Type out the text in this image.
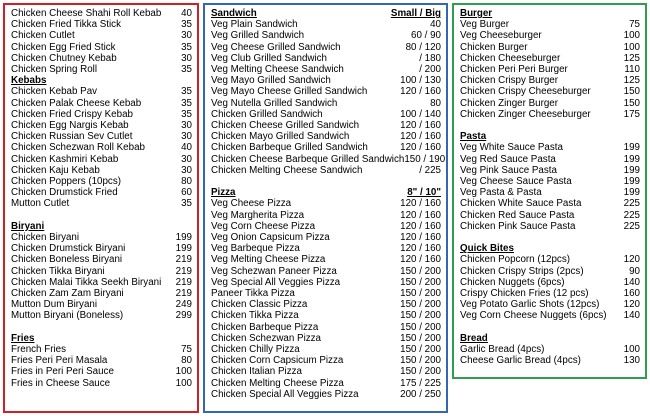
Chicken Cheese Shahi Roll Kebab 40
Chicken Fried Tikka Stick	35
Chicken Cutlet	30
Chicken Egg Fried Stick	35
Chicken Chutney Kebab	30
Chicken Spring Roll	35
Kebabs
Chicken Kebab Pav	35
Chicken Palak Cheese Kebab	35
Chicken Fried Crispy Kebab	35
Chicken Egg Nargis Kebab	30
Chicken Russian Sev Cutlet	30
Chicken Schezwan Roll Kebab	40
Chicken Kashmiri Kebab	30
Chicken Kaju Kebab	30
Chicken Poppers (10pcs)	80
Chicken Drumstick Fried	60
Mutton Cutlet	35
Biryani
Chicken Biryani	199
Chicken Drumstick Biryani	199
Chicken Boneless Biryani	219
Chicken Tikka Biryani	219
Chicken Malai Tikka Seekh Biryani 219
Chicken Zam Zam Biryani	219
Mutton Dum Biryani	249
Mutton Biryani (Boneless)	299
Fries
French Fries	75
Fries Peri Peri Masala	80
Fries in Peri Peri Sauce	100
Fries in Cheese Sauce	100
Sandwich	Small / Big
Veg Plain Sandwich	40
Veg Grilled Sandwich	60 / 90
Veg Cheese Grilled Sandwich	80 / 120
Veg Club Grilled Sandwich	/ 180
Veg Melting Cheese Sandwich	/ 200
Veg Mayo Grilled Sandwich	100 / 130
Veg Mayo Cheese Grilled Sandwich	120 / 160
Veg Nutella Grilled Sandwich	80
Chicken Grilled Sandwich	100 / 140
Chicken Cheese Grilled Sandwich	120 / 160
Chicken Mayo Grilled Sandwich	120 / 160
Chicken Barbeque Grilled Sandwich	120 / 160
Chicken Cheese Barbeque Grilled Sandwich 150 / 190
Chicken Melting Cheese Sandwich	/ 225
Pizza	8" / 10"
Veg Cheese Pizza	120 / 160
Veg Margherita Pizza	120 / 160
Veg Corn Cheese Pizza	120 / 160
Veg Onion Capsicum Pizza	120 / 160
Veg Barbeque Pizza	120 / 160
Veg Melting Cheese Pizza	120 / 160
Veg Schezwan Paneer Pizza	150 / 200
Veg Special All Veggies Pizza	150 / 200
Paneer Tikka Pizza	150 / 200
Chicken Classic Pizza	150 / 200
Chicken Tikka Pizza	150 / 200
Chicken Barbeque Pizza	150 / 200
Chicken Schezwan Pizza	150 / 200
Chicken Chilly Pizza	150 / 200
Chicken Corn Capsicum Pizza	150 / 200
Chicken Italian Pizza	150 / 200
Chicken Melting Cheese Pizza	175 / 225
Chicken Special All Veggies Pizza	200 / 250
Burger
Veg Burger	75
Veg Cheeseburger	100
Chicken Burger	100
Chicken Cheeseburger	125
Chicken Peri Peri Burger	110
Chicken Crispy Burger	125
Chicken Crispy Cheeseburger	150
Chicken Zinger Burger	150
Chicken Zinger Cheeseburger	175
Pasta
Veg White Sauce Pasta	199
Veg Red Sauce Pasta	199
Veg Pink Sauce Pasta	199
Veg Cheese Sauce Pasta	199
Veg Pasta & Pasta	199
Chicken White Sauce Pasta	225
Chicken Red Sauce Pasta	225
Chicken Pink Sauce Pasta	225
Quick Bites
Chicken Popcorn (12pcs)	120
Chicken Crispy Strips (2pcs)	90
Chicken Nuggets (6pcs)	140
Crispy Chicken Fries (12 pcs)	160
Veg Potato Garlic Shots (12pcs) 120
Veg Corn Cheese Nuggets (6pcs) 140
Bread
Garlic Bread (4pcs)	100
Cheese Garlic Bread (4pcs)	130
